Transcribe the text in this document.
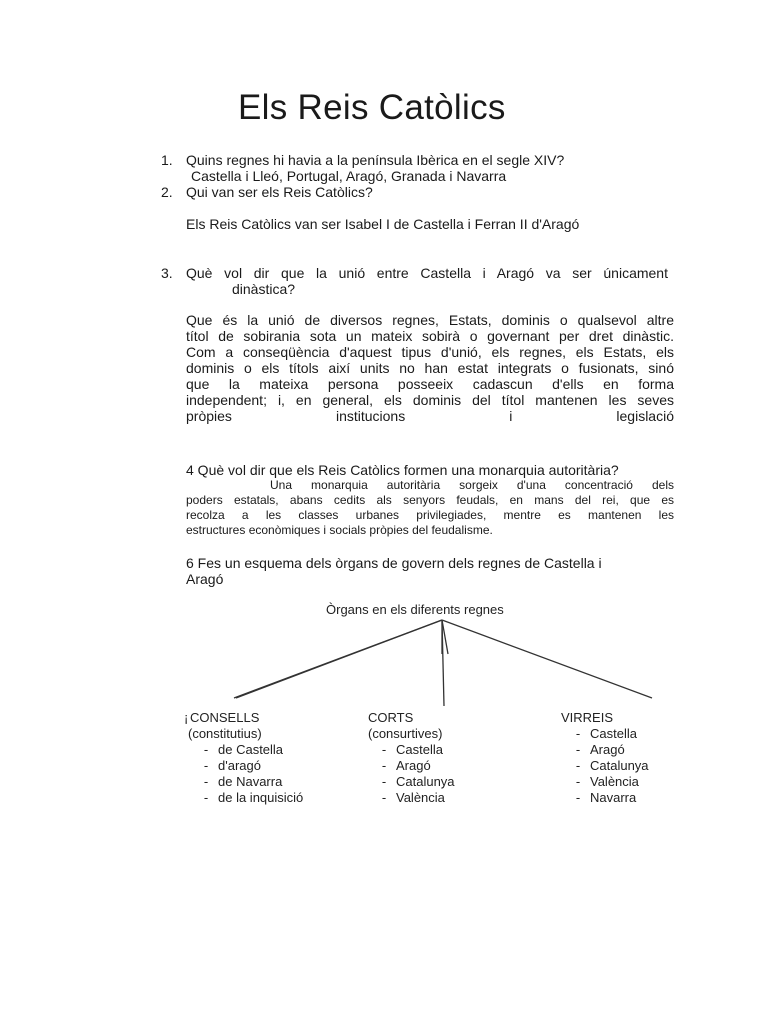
Els Reis Catòlics
1. Quins regnes hi havia a la península Ibèrica en el segle XIV?
Castella i Lleó, Portugal, Aragó, Granada i Navarra
2. Qui van ser els Reis Catòlics?
Els Reis Catòlics van ser Isabel I de Castella i Ferran II d'Aragó
3. Què vol dir que la unió entre Castella i Aragó va ser únicament
dinàstica?
Que és la unió de diversos regnes, Estats, dominis o qualsevol altre
títol de sobirania sota un mateix sobirà o governant per dret dinàstic.
Com a conseqüència d'aquest tipus d'unió, els regnes, els Estats, els
dominis o els títols així units no han estat integrats o fusionats, sinó
que la mateixa persona posseeix cadascun d'ells en forma
independent; i, en general, els dominis del títol mantenen les seves
pròpies institucions i legislació
4 Què vol dir que els Reis Catòlics formen una monarquia autoritària?
Una monarquia autoritària sorgeix d'una concentració dels
poders estatals, abans cedits als senyors feudals, en mans del rei, que es
recolza a les classes urbanes privilegiades, mentre es mantenen les
estructures econòmiques i socials pròpies del feudalisme.
6 Fes un esquema dels òrgans de govern dels regnes de Castella i
Aragó
Òrgans en els diferents regnes
¡ CONSELLS
(constitutius)
- de Castella
- d'aragó
- de Navarra
- de la inquisició
CORTS
(consurtives)
- Castella
- Aragó
- Catalunya
- València
VIRREIS
- Castella
- Aragó
- Catalunya
- València
- Navarra
